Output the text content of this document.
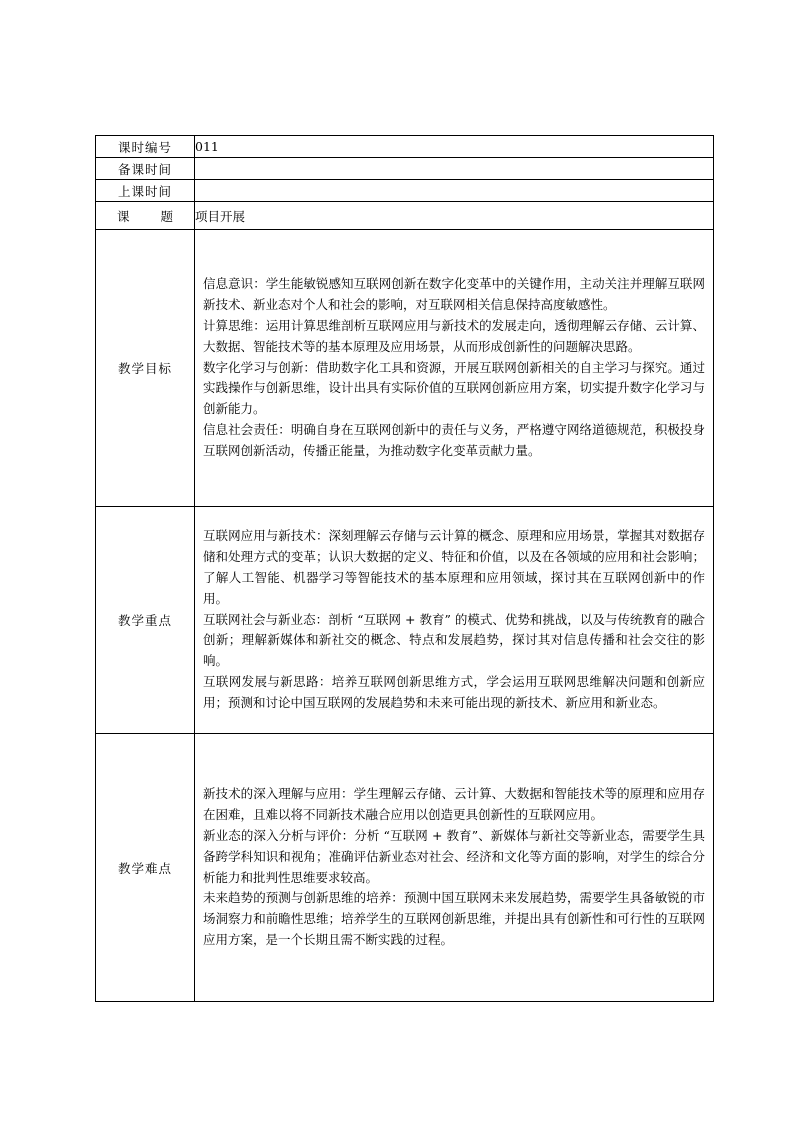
课时编号	011
备课时间	
上课时间	
课题	项目开展
教学目标	信息意识：学生能敏锐感知互联网创新在数字化变革中的关键作用，主动关注并理解互联网新技术、新业态对个人和社会的影响，对互联网相关信息保持高度敏感性。

计算思维：运用计算思维剖析互联网应用与新技术的发展走向，透彻理解云存储、云计算、大数据、智能技术等的基本原理及应用场景，从而形成创新性的问题解决思路。

数字化学习与创新：借助数字化工具和资源，开展互联网创新相关的自主学习与探究。通过实践操作与创新思维，设计出具有实际价值的互联网创新应用方案，切实提升数字化学习与创新能力。

信息社会责任：明确自身在互联网创新中的责任与义务，严格遵守网络道德规范，积极投身互联网创新活动，传播正能量，为推动数字化变革贡献力量。

教学重点	互联网应用与新技术：深刻理解云存储与云计算的概念、原理和应用场景，掌握其对数据存储和处理方式的变革；认识大数据的定义、特征和价值，以及在各领域的应用和社会影响；了解人工智能、机器学习等智能技术的基本原理和应用领域，探讨其在互联网创新中的作用。

互联网社会与新业态：剖析 “互联网 + 教育” 的模式、优势和挑战，以及与传统教育的融合创新；理解新媒体和新社交的概念、特点和发展趋势，探讨其对信息传播和社会交往的影响。

互联网发展与新思路：培养互联网创新思维方式，学会运用互联网思维解决问题和创新应用；预测和讨论中国互联网的发展趋势和未来可能出现的新技术、新应用和新业态。

教学难点	新技术的深入理解与应用：学生理解云存储、云计算、大数据和智能技术等的原理和应用存在困难，且难以将不同新技术融合应用以创造更具创新性的互联网应用。

新业态的深入分析与评价：分析 “互联网 + 教育”、新媒体与新社交等新业态，需要学生具备跨学科知识和视角；准确评估新业态对社会、经济和文化等方面的影响，对学生的综合分析能力和批判性思维要求较高。

未来趋势的预测与创新思维的培养：预测中国互联网未来发展趋势，需要学生具备敏锐的市场洞察力和前瞻性思维；培养学生的互联网创新思维，并提出具有创新性和可行性的互联网应用方案，是一个长期且需不断实践的过程。
